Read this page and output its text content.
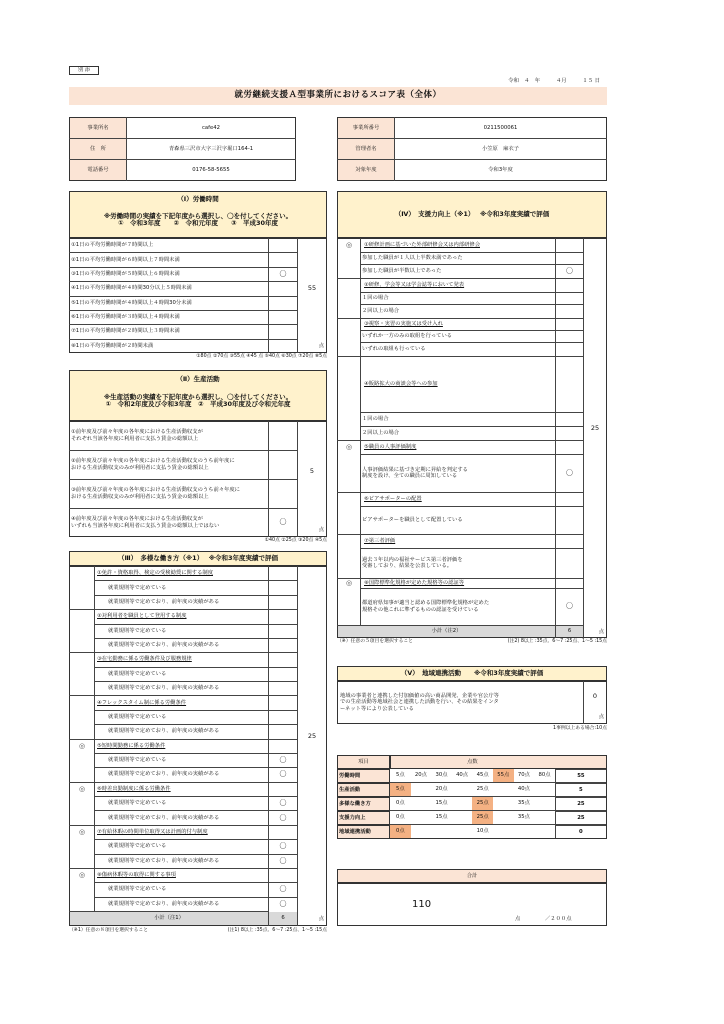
別 添
令和　４　年　　　４月　　　１５ 日
就労継続支援Ａ型事業所におけるスコア表（全体）
事業所名	cafe42
住　所	青森県三沢市大字三沢字堀口164-1
電話番号	0176-58-5655
事業所番号	0211500061
管理者名	小笠原　麻衣子
対象年度	令和3年度
（Ⅰ）労働時間
※労働時間の実績を下記年度から選択し、〇を付してください。
①　令和3年度　　②　令和元年度　　③　平成30年度
55
点
①80点 ②70点 ③55点 ④45 点 ⑤40点 ⑥30点 ⑦20点 ⑧5点
（Ⅱ）生産活動
※生産活動の実績を下記年度から選択し、〇を付してください。
①　令和2年度及び令和3年度　②　平成30年度及び令和元年度
5
点
①40点 ②25点 ③20点 ④5点
（Ⅲ）　多様な働き方（※1）　 ※令和3年度実績で評価
25
小計（注1）	6	点
（※1）任意の８項目を選択すること	(注1) 8以上 :35点、6～7 :25点、1～5 :15点
（Ⅳ）　支援力向上（※1）　 ※令和3年度実績で評価
25
小計（注2）	6	点
（※）任意の５項目を選択すること	(注2) 8以上 :35点、6～7 :25点、1～5 :15点
（Ⅴ）　地域連携活動　　※令和3年度実績で評価
地域の事業者と連携した付加価値の高い商品開発、企業や官公庁等
での生産活動等地域社会と連携した活動を行い、その結果をインタ
ーネット等により公表している
0
点
1事例以上ある場合:10点
合計
110
点	／２００点
①1日の平均労働時間が７時間以上
②1日の平均労働時間が６時間以上７時間未満
③1日の平均労働時間が５時間以上６時間未満	〇
④1日の平均労働時間が４時間30分以上５時間未満
⑤1日の平均労働時間が４時間以上４時間30分未満
⑥1日の平均労働時間が３時間以上４時間未満
⑦1日の平均労働時間が２時間以上３時間未満
⑧1日の平均労働時間が２時間未満
①前年度及び前々年度の各年度における生産活動収支が
それぞれ当該各年度に利用者に支払う賃金の総額以上
②前年度及び前々年度の各年度における生産活動収支のうち前年度に
おける生産活動収支のみが利用者に支払う賃金の総額以上
③前年度及び前々年度の各年度における生産活動収支のうち前々年度に
おける生産活動収支のみが利用者に支払う賃金の総額以上
④前年度及び前々年度の各年度における生産活動収支が
いずれも当該各年度に利用者に支払う賃金の総額以上ではない	〇
①免許・資格取得、検定の受検勧奨に関する制度
就業規則等で定めている
就業規則等で定めており、前年度の実績がある
②対利用者を職員として登用する制度
就業規則等で定めている
就業規則等で定めており、前年度の実績がある
③在宅勤務に係る労働条件及び服務規律
就業規則等で定めている
就業規則等で定めており、前年度の実績がある
④フレックスタイム制に係る労働条件
就業規則等で定めている
就業規則等で定めており、前年度の実績がある
⑤短時間勤務に係る労働条件
◎
就業規則等で定めている	〇
就業規則等で定めており、前年度の実績がある	〇
⑥時差出勤制度に係る労働条件
◎
就業規則等で定めている	〇
就業規則等で定めており、前年度の実績がある	〇
⑦有給休暇の時間単位取得又は計画的付与制度
◎
就業規則等で定めている	〇
就業規則等で定めており、前年度の実績がある	〇
⑧傷病休暇等の取得に関する事項
◎
就業規則等で定めている	〇
就業規則等で定めており、前年度の実績がある	〇
①研修計画に基づいた外部研修会又は内部研修会
◎
参加した職員が１人以上半数未満であった
参加した職員が半数以上であった	〇
②研修、学会等又は学会誌等において発表
１回の場合
２回以上の場合
③視察・実習の実施又は受け入れ
いずれか一方のみの取組を行っている
いずれの取組も行っている
④販路拡大の商談会等への参加
１回の場合
２回以上の場合
⑤職員の人事評価制度
◎
人事評価結果に基づき定期に昇給を判定する
制度を設け、全ての職員に周知している	〇
⑥ピアサポーターの配置
ピアサポーターを職員として配置している
⑦第三者評価
過去３年以内の福祉サービス第三者評価を
受審しており、結果を公表している。
⑧国際標準化規格が定めた規格等の認証等
◎
都道府県知事が適当と認める国際標準化規格が定めた
規格その他これに準ずるものの認証を受けている	〇
項目	点数
労働時間	5点	20点	30点	40点	45点	55点	70点	80点	55
生産活動	5点	20点	25点	40点	5
多様な働き方	0点	15点	25点	35点	25
支援力向上	0点	15点	25点	35点	25
地域連携活動	0点	10点	0
